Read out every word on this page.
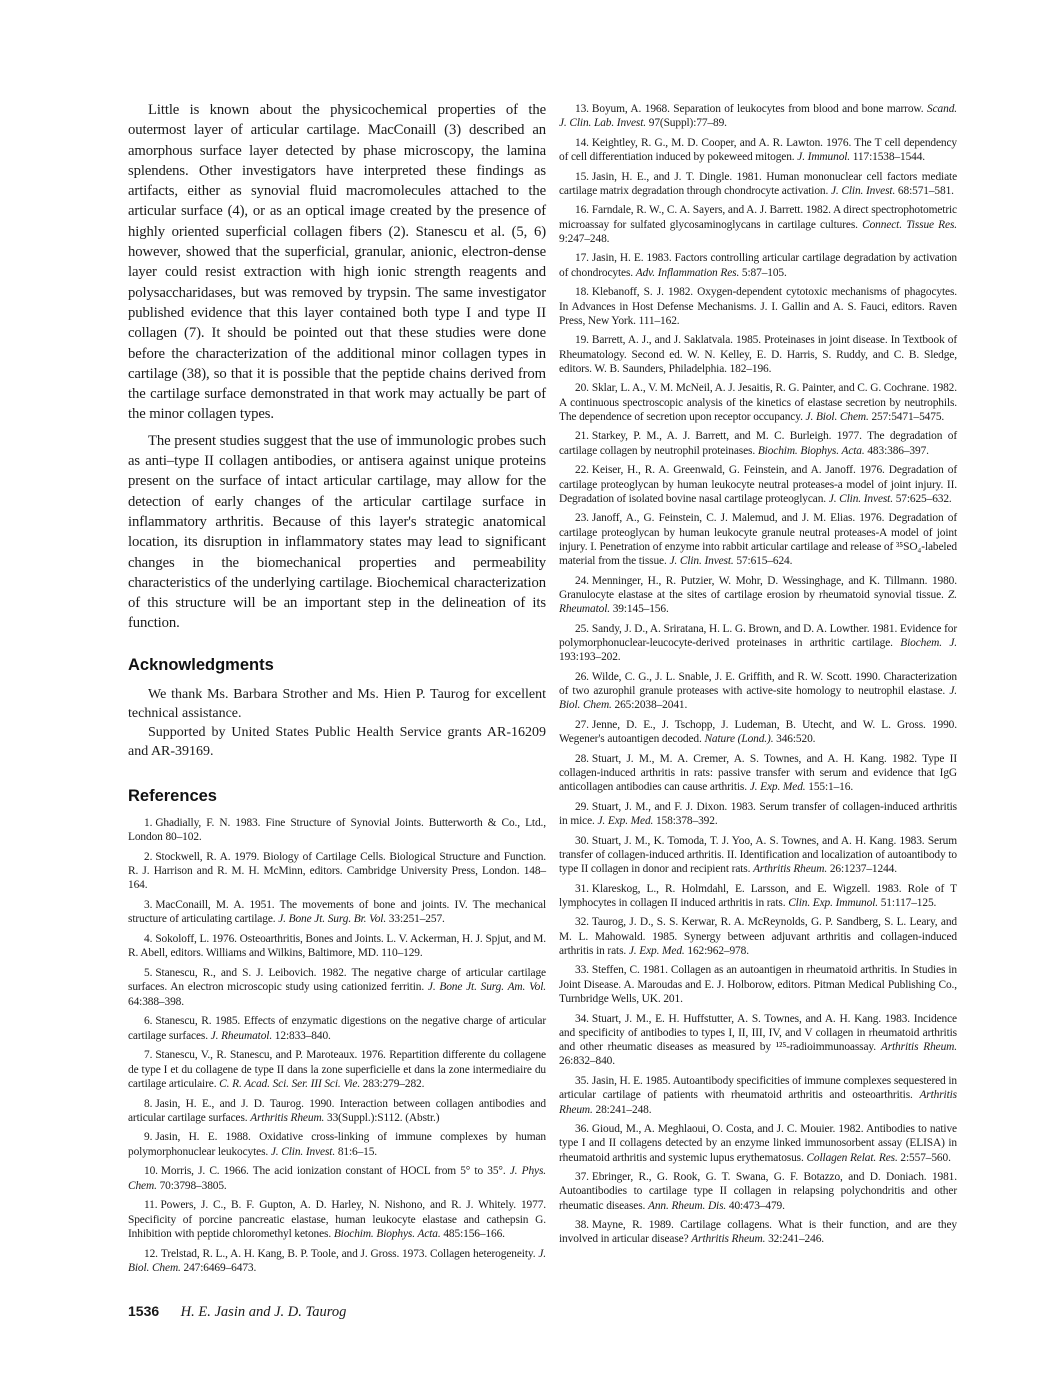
Little is known about the physicochemical properties of the outermost layer of articular cartilage. MacConaill (3) described an amorphous surface layer detected by phase microscopy, the lamina splendens. Other investigators have interpreted these findings as artifacts, either as synovial fluid macromolecules attached to the articular surface (4), or as an optical image created by the presence of highly oriented superficial collagen fibers (2). Stanescu et al. (5, 6) however, showed that the superficial, granular, anionic, electron-dense layer could resist extraction with high ionic strength reagents and polysaccharidases, but was removed by trypsin. The same investigator published evidence that this layer contained both type I and type II collagen (7). It should be pointed out that these studies were done before the characterization of the additional minor collagen types in cartilage (38), so that it is possible that the peptide chains derived from the cartilage surface demonstrated in that work may actually be part of the minor collagen types.

The present studies suggest that the use of immunologic probes such as anti–type II collagen antibodies, or antisera against unique proteins present on the surface of intact articular cartilage, may allow for the detection of early changes of the articular cartilage surface in inflammatory arthritis. Because of this layer's strategic anatomical location, its disruption in inflammatory states may lead to significant changes in the biomechanical properties and permeability characteristics of the underlying cartilage. Biochemical characterization of this structure will be an important step in the delineation of its function.

Acknowledgments

We thank Ms. Barbara Strother and Ms. Hien P. Taurog for excellent technical assistance.

Supported by United States Public Health Service grants AR-16209 and AR-39169.

References
1. Ghadially, F. N. 1983. Fine Structure of Synovial Joints. Butterworth & Co., Ltd., London 80–102.
2. Stockwell, R. A. 1979. Biology of Cartilage Cells. Biological Structure and Function. R. J. Harrison and R. M. H. McMinn, editors. Cambridge University Press, London. 148–164.
3. MacConaill, M. A. 1951. The movements of bone and joints. IV. The mechanical structure of articulating cartilage. J. Bone Jt. Surg. Br. Vol. 33:251–257.
4. Sokoloff, L. 1976. Osteoarthritis, Bones and Joints. L. V. Ackerman, H. J. Spjut, and M. R. Abell, editors. Williams and Wilkins, Baltimore, MD. 110–129.
5. Stanescu, R., and S. J. Leibovich. 1982. The negative charge of articular cartilage surfaces. An electron microscopic study using cationized ferritin. J. Bone Jt. Surg. Am. Vol. 64:388–398.
6. Stanescu, R. 1985. Effects of enzymatic digestions on the negative charge of articular cartilage surfaces. J. Rheumatol. 12:833–840.
7. Stanescu, V., R. Stanescu, and P. Maroteaux. 1976. Repartition differente du collagene de type I et du collagene de type II dans la zone superficielle et dans la zone intermediaire du cartilage articulaire. C. R. Acad. Sci. Ser. III Sci. Vie. 283:279–282.
8. Jasin, H. E., and J. D. Taurog. 1990. Interaction between collagen antibodies and articular cartilage surfaces. Arthritis Rheum. 33(Suppl.):S112. (Abstr.)
9. Jasin, H. E. 1988. Oxidative cross-linking of immune complexes by human polymorphonuclear leukocytes. J. Clin. Invest. 81:6–15.
10. Morris, J. C. 1966. The acid ionization constant of HOCL from 5° to 35°. J. Phys. Chem. 70:3798–3805.
11. Powers, J. C., B. F. Gupton, A. D. Harley, N. Nishono, and R. J. Whitely. 1977. Specificity of porcine pancreatic elastase, human leukocyte elastase and cathepsin G. Inhibition with peptide chloromethyl ketones. Biochim. Biophys. Acta. 485:156–166.
12. Trelstad, R. L., A. H. Kang, B. P. Toole, and J. Gross. 1973. Collagen heterogeneity. J. Biol. Chem. 247:6469–6473.
13. Boyum, A. 1968. Separation of leukocytes from blood and bone marrow. Scand. J. Clin. Lab. Invest. 97(Suppl):77–89.
14. Keightley, R. G., M. D. Cooper, and A. R. Lawton. 1976. The T cell dependency of cell differentiation induced by pokeweed mitogen. J. Immunol. 117:1538–1544.
15. Jasin, H. E., and J. T. Dingle. 1981. Human mononuclear cell factors mediate cartilage matrix degradation through chondrocyte activation. J. Clin. Invest. 68:571–581.
16. Farndale, R. W., C. A. Sayers, and A. J. Barrett. 1982. A direct spectrophotometric microassay for sulfated glycosaminoglycans in cartilage cultures. Connect. Tissue Res. 9:247–248.
17. Jasin, H. E. 1983. Factors controlling articular cartilage degradation by activation of chondrocytes. Adv. Inflammation Res. 5:87–105.
18. Klebanoff, S. J. 1982. Oxygen-dependent cytotoxic mechanisms of phagocytes. In Advances in Host Defense Mechanisms. J. I. Gallin and A. S. Fauci, editors. Raven Press, New York. 111–162.
19. Barrett, A. J., and J. Saklatvala. 1985. Proteinases in joint disease. In Textbook of Rheumatology. Second ed. W. N. Kelley, E. D. Harris, S. Ruddy, and C. B. Sledge, editors. W. B. Saunders, Philadelphia. 182–196.
20. Sklar, L. A., V. M. McNeil, A. J. Jesaitis, R. G. Painter, and C. G. Cochrane. 1982. A continuous spectroscopic analysis of the kinetics of elastase secretion by neutrophils. The dependence of secretion upon receptor occupancy. J. Biol. Chem. 257:5471–5475.
21. Starkey, P. M., A. J. Barrett, and M. C. Burleigh. 1977. The degradation of cartilage collagen by neutrophil proteinases. Biochim. Biophys. Acta. 483:386–397.
22. Keiser, H., R. A. Greenwald, G. Feinstein, and A. Janoff. 1976. Degradation of cartilage proteoglycan by human leukocyte neutral proteases-a model of joint injury. II. Degradation of isolated bovine nasal cartilage proteoglycan. J. Clin. Invest. 57:625–632.
23. Janoff, A., G. Feinstein, C. J. Malemud, and J. M. Elias. 1976. Degradation of cartilage proteoglycan by human leukocyte granule neutral proteases-A model of joint injury. I. Penetration of enzyme into rabbit articular cartilage and release of ³⁵SO₄-labeled material from the tissue. J. Clin. Invest. 57:615–624.
24. Menninger, H., R. Putzier, W. Mohr, D. Wessinghage, and K. Tillmann. 1980. Granulocyte elastase at the sites of cartilage erosion by rheumatoid synovial tissue. Z. Rheumatol. 39:145–156.
25. Sandy, J. D., A. Sriratana, H. L. G. Brown, and D. A. Lowther. 1981. Evidence for polymorphonuclear-leucocyte-derived proteinases in arthritic cartilage. Biochem. J. 193:193–202.
26. Wilde, C. G., J. L. Snable, J. E. Griffith, and R. W. Scott. 1990. Characterization of two azurophil granule proteases with active-site homology to neutrophil elastase. J. Biol. Chem. 265:2038–2041.
27. Jenne, D. E., J. Tschopp, J. Ludeman, B. Utecht, and W. L. Gross. 1990. Wegener's autoantigen decoded. Nature (Lond.). 346:520.
28. Stuart, J. M., M. A. Cremer, A. S. Townes, and A. H. Kang. 1982. Type II collagen-induced arthritis in rats: passive transfer with serum and evidence that IgG anticollagen antibodies can cause arthritis. J. Exp. Med. 155:1–16.
29. Stuart, J. M., and F. J. Dixon. 1983. Serum transfer of collagen-induced arthritis in mice. J. Exp. Med. 158:378–392.
30. Stuart, J. M., K. Tomoda, T. J. Yoo, A. S. Townes, and A. H. Kang. 1983. Serum transfer of collagen-induced arthritis. II. Identification and localization of autoantibody to type II collagen in donor and recipient rats. Arthritis Rheum. 26:1237–1244.
31. Klareskog, L., R. Holmdahl, E. Larsson, and E. Wigzell. 1983. Role of T lymphocytes in collagen II induced arthritis in rats. Clin. Exp. Immunol. 51:117–125.
32. Taurog, J. D., S. S. Kerwar, R. A. McReynolds, G. P. Sandberg, S. L. Leary, and M. L. Mahowald. 1985. Synergy between adjuvant arthritis and collagen-induced arthritis in rats. J. Exp. Med. 162:962–978.
33. Steffen, C. 1981. Collagen as an autoantigen in rheumatoid arthritis. In Studies in Joint Disease. A. Maroudas and E. J. Holborow, editors. Pitman Medical Publishing Co., Turnbridge Wells, UK. 201.
34. Stuart, J. M., E. H. Huffstutter, A. S. Townes, and A. H. Kang. 1983. Incidence and specificity of antibodies to types I, II, III, IV, and V collagen in rheumatoid arthritis and other rheumatic diseases as measured by ¹²⁵-radioimmunoassay. Arthritis Rheum. 26:832–840.
35. Jasin, H. E. 1985. Autoantibody specificities of immune complexes sequestered in articular cartilage of patients with rheumatoid arthritis and osteoarthritis. Arthritis Rheum. 28:241–248.
36. Gioud, M., A. Meghlaoui, O. Costa, and J. C. Mouier. 1982. Antibodies to native type I and II collagens detected by an enzyme linked immunosorbent assay (ELISA) in rheumatoid arthritis and systemic lupus erythematosus. Collagen Relat. Res. 2:557–560.
37. Ebringer, R., G. Rook, G. T. Swana, G. F. Botazzo, and D. Doniach. 1981. Autoantibodies to cartilage type II collagen in relapsing polychondritis and other rheumatic diseases. Ann. Rheum. Dis. 40:473–479.
38. Mayne, R. 1989. Cartilage collagens. What is their function, and are they involved in articular disease? Arthritis Rheum. 32:241–246.
1536 H. E. Jasin and J. D. Taurog
